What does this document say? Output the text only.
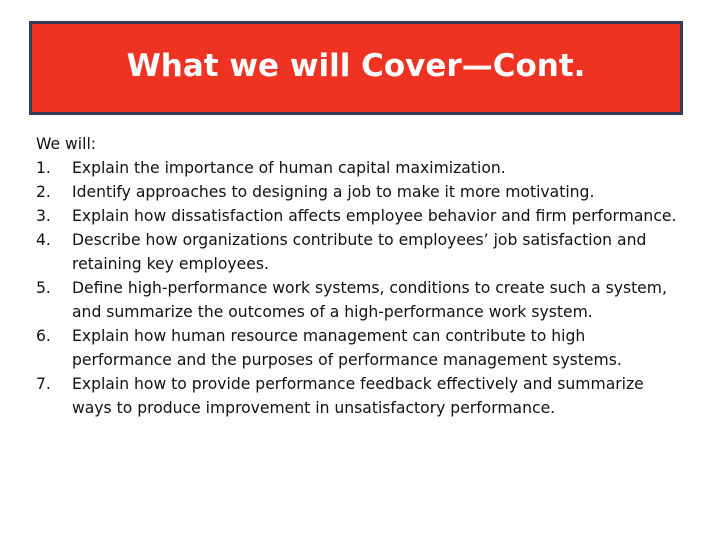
What we will Cover—Cont.
We will:
1.	Explain the importance of human capital maximization.
2.	Identify approaches to designing a job to make it more motivating.
3.	Explain how dissatisfaction affects employee behavior and firm performance.
4.	Describe how organizations contribute to employees’ job satisfaction and retaining key employees.
5.	Define high-performance work systems, conditions to create such a system, and summarize the outcomes of a high-performance work system.
6.	Explain how human resource management can contribute to high performance and the purposes of performance management systems.
7.	Explain how to provide performance feedback effectively and summarize ways to produce improvement in unsatisfactory performance.
